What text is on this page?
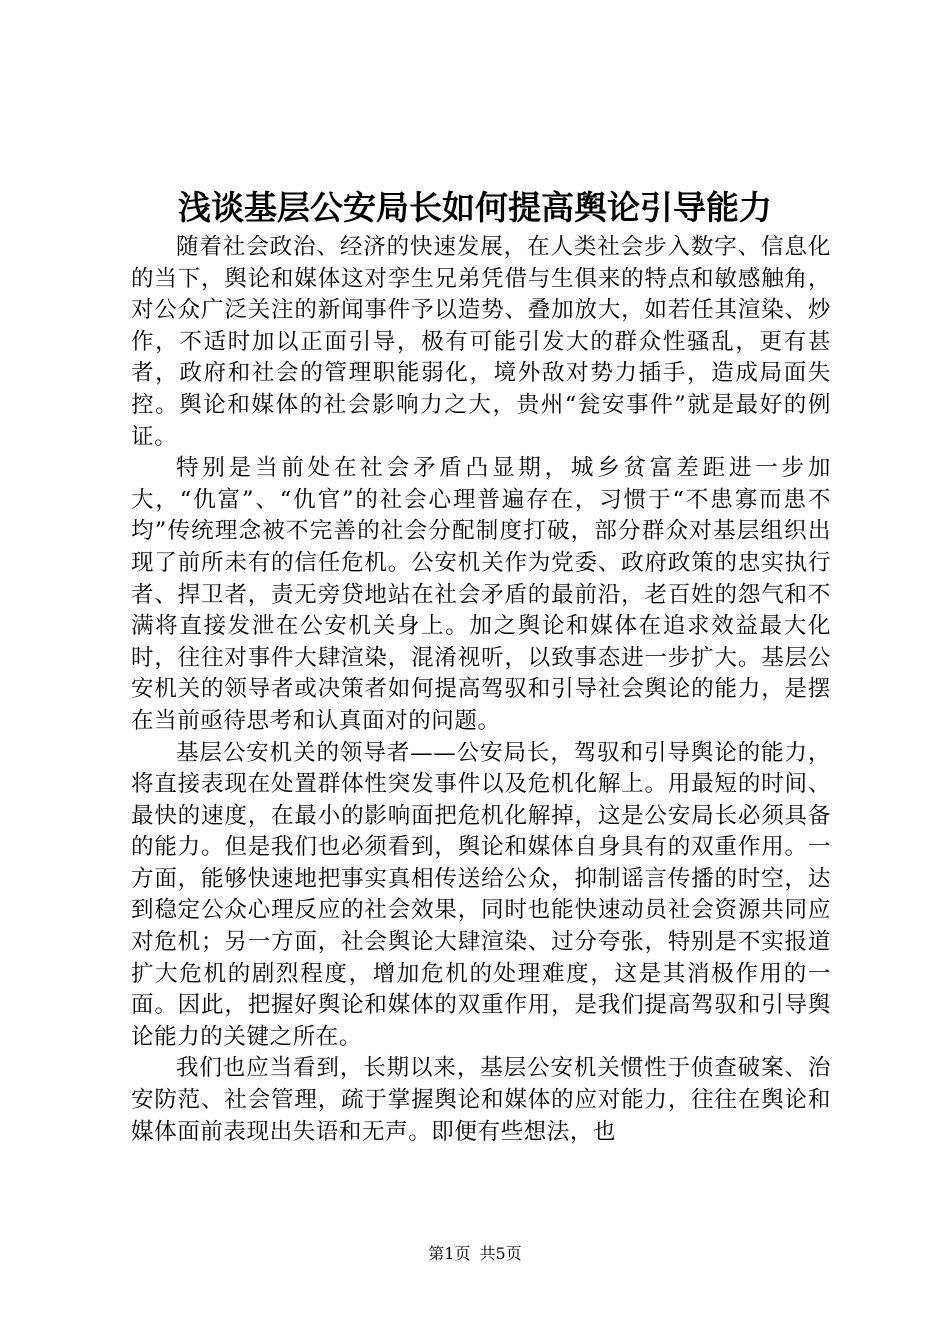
浅谈基层公安局长如何提高舆论引导能力

随着社会政治、经济的快速发展，在人类社会步入数字、信息化的当下，舆论和媒体这对孪生兄弟凭借与生俱来的特点和敏感触角，对公众广泛关注的新闻事件予以造势、叠加放大，如若任其渲染、炒作，不适时加以正面引导，极有可能引发大的群众性骚乱，更有甚者，政府和社会的管理职能弱化，境外敌对势力插手，造成局面失控。舆论和媒体的社会影响力之大，贵州“瓮安事件”就是最好的例证。

特别是当前处在社会矛盾凸显期，城乡贫富差距进一步加大，“仇富”、“仇官”的社会心理普遍存在，习惯于“不患寡而患不均”传统理念被不完善的社会分配制度打破，部分群众对基层组织出现了前所未有的信任危机。公安机关作为党委、政府政策的忠实执行者、捍卫者，责无旁贷地站在社会矛盾的最前沿，老百姓的怨气和不满将直接发泄在公安机关身上。加之舆论和媒体在追求效益最大化时，往往对事件大肆渲染，混淆视听，以致事态进一步扩大。基层公安机关的领导者或决策者如何提高驾驭和引导社会舆论的能力，是摆在当前亟待思考和认真面对的问题。

基层公安机关的领导者——公安局长，驾驭和引导舆论的能力，将直接表现在处置群体性突发事件以及危机化解上。用最短的时间、最快的速度，在最小的影响面把危机化解掉，这是公安局长必须具备的能力。但是我们也必须看到，舆论和媒体自身具有的双重作用。一方面，能够快速地把事实真相传送给公众，抑制谣言传播的时空，达到稳定公众心理反应的社会效果，同时也能快速动员社会资源共同应对危机；另一方面，社会舆论大肆渲染、过分夸张，特别是不实报道扩大危机的剧烈程度，增加危机的处理难度，这是其消极作用的一面。因此，把握好舆论和媒体的双重作用，是我们提高驾驭和引导舆论能力的关键之所在。

我们也应当看到，长期以来，基层公安机关惯性于侦查破案、治安防范、社会管理，疏于掌握舆论和媒体的应对能力，往往在舆论和媒体面前表现出失语和无声。即便有些想法，也

第1页 共5页
